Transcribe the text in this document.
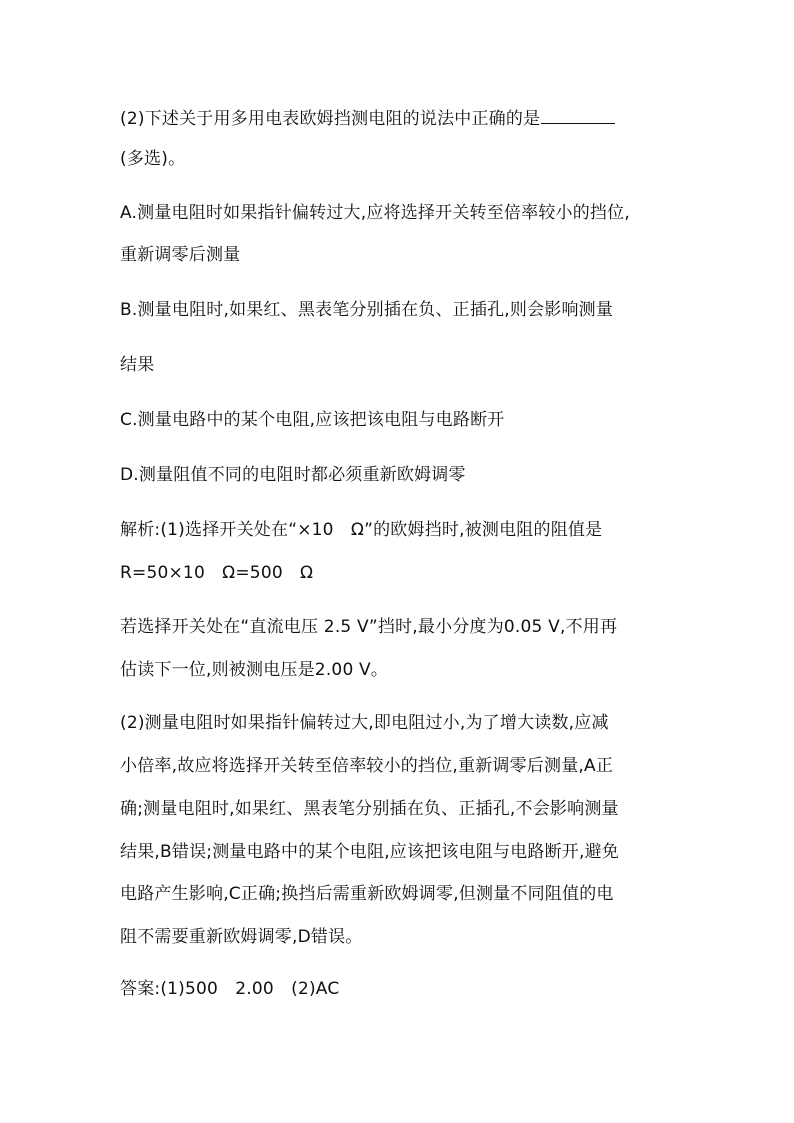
(2)下述关于用多用电表欧姆挡测电阻的说法中正确的是
(多选)。
A.测量电阻时如果指针偏转过大,应将选择开关转至倍率较小的挡位,
重新调零后测量
B.测量电阻时,如果红、黑表笔分别插在负、正插孔,则会影响测量
结果
C.测量电路中的某个电阻,应该把该电阻与电路断开
D.测量阻值不同的电阻时都必须重新欧姆调零
解析:(1)选择开关处在“×10　Ω”的欧姆挡时,被测电阻的阻值是
R=50×10　Ω=500　Ω
若选择开关处在“直流电压 2.5 V”挡时,最小分度为0.05 V,不用再
估读下一位,则被测电压是2.00 V。
(2)测量电阻时如果指针偏转过大,即电阻过小,为了增大读数,应减
小倍率,故应将选择开关转至倍率较小的挡位,重新调零后测量,A正
确;测量电阻时,如果红、黑表笔分别插在负、正插孔,不会影响测量
结果,B错误;测量电路中的某个电阻,应该把该电阻与电路断开,避免
电路产生影响,C正确;换挡后需重新欧姆调零,但测量不同阻值的电
阻不需要重新欧姆调零,D错误。
答案:(1)500　2.00　(2)AC
